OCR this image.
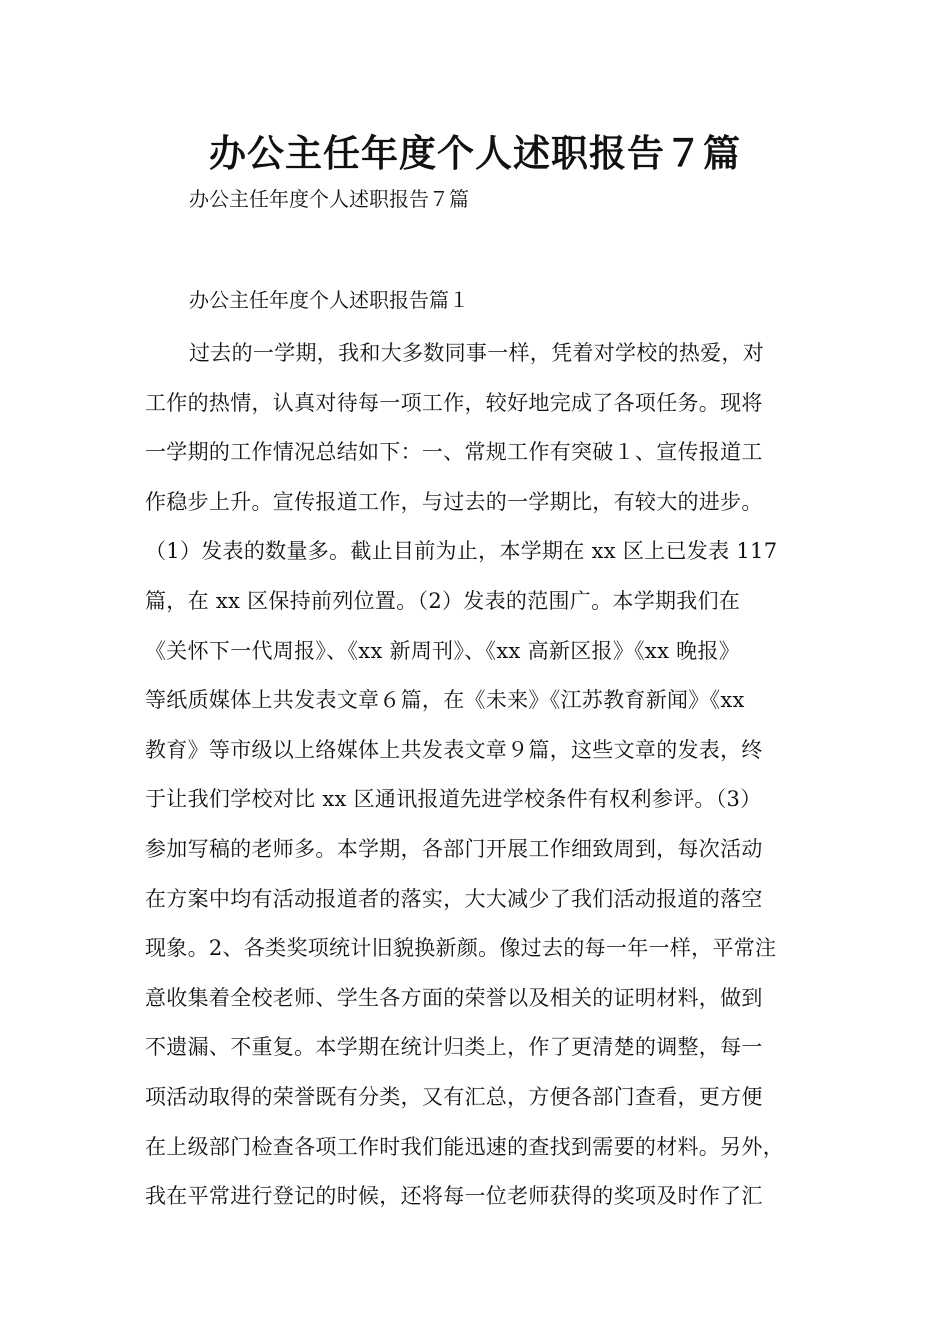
办公主任年度个人述职报告７篇

办公主任年度个人述职报告７篇

办公主任年度个人述职报告篇１

过去的一学期，我和大多数同事一样，凭着对学校的热爱，对
工作的热情，认真对待每一项工作，较好地完成了各项任务。现将
一学期的工作情况总结如下：一、常规工作有突破１、宣传报道工
作稳步上升。宣传报道工作，与过去的一学期比，有较大的进步。
（1）发表的数量多。截止目前为止，本学期在 xx 区上已发表 117
篇，在 xx 区保持前列位置。（2）发表的范围广。本学期我们在
《关怀下一代周报》、《xx 新周刊》、《xx 高新区报》《xx 晚报》
等纸质媒体上共发表文章６篇，在《未来》《江苏教育新闻》《xx
教育》等市级以上络媒体上共发表文章９篇，这些文章的发表，终
于让我们学校对比 xx 区通讯报道先进学校条件有权利参评。（3）
参加写稿的老师多。本学期，各部门开展工作细致周到，每次活动
在方案中均有活动报道者的落实，大大减少了我们活动报道的落空
现象。2、各类奖项统计旧貌换新颜。像过去的每一年一样，平常注
意收集着全校老师、学生各方面的荣誉以及相关的证明材料，做到
不遗漏、不重复。本学期在统计归类上，作了更清楚的调整，每一
项活动取得的荣誉既有分类，又有汇总，方便各部门查看，更方便
在上级部门检查各项工作时我们能迅速的查找到需要的材料。另外，
我在平常进行登记的时候，还将每一位老师获得的奖项及时作了汇
